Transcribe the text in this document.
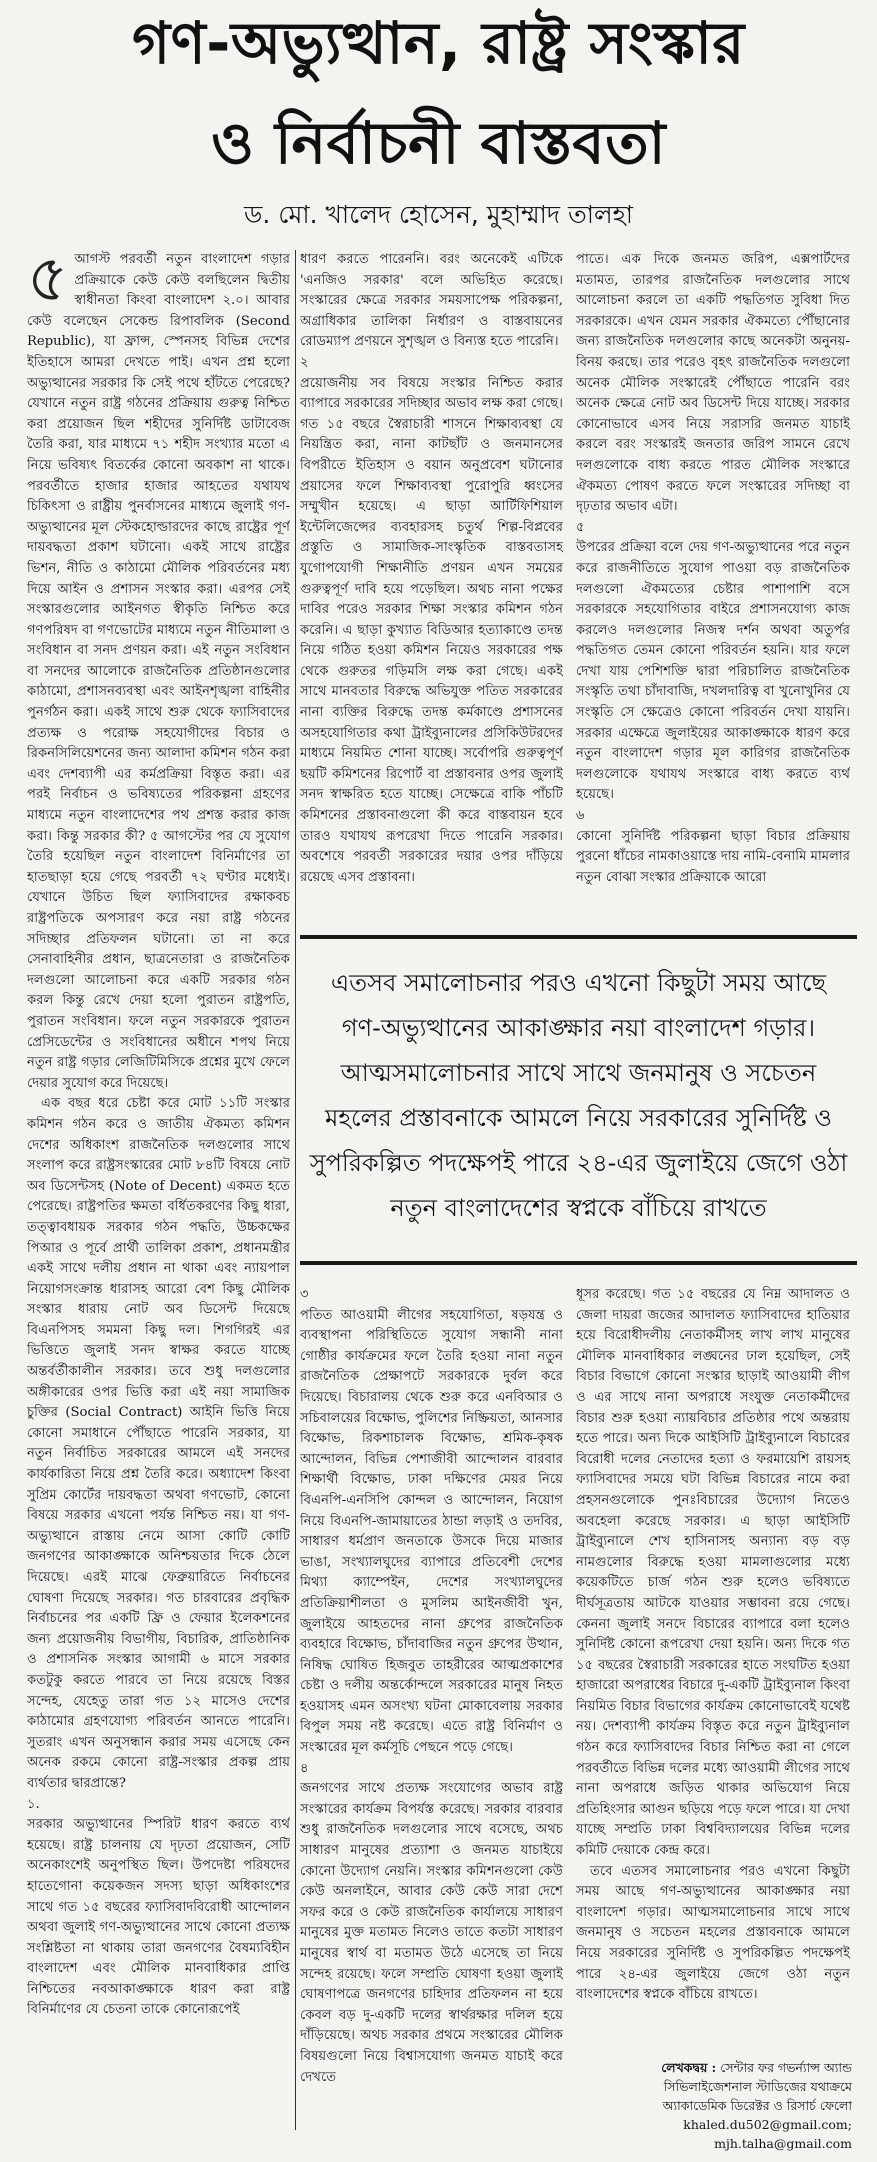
গণ-অভ্যুত্থান, রাষ্ট্র সংস্কার
ও নির্বাচনী বাস্তবতা
ড. মো. খালেদ হোসেন, মুহাম্মাদ তালহা
৫ আগস্ট পরবর্তী নতুন বাংলাদেশ গড়ার প্রক্রিয়াকে কেউ কেউ বলছিলেন দ্বিতীয় স্বাধীনতা কিংবা বাংলাদেশ ২.০। আবার কেউ বলেছেন সেকেন্ড রিপাবলিক (Second Republic), যা ফ্রান্স, স্পেনসহ বিভিন্ন দেশের ইতিহাসে আমরা দেখতে পাই। এখন প্রশ্ন হলো অভ্যুত্থানের সরকার কি সেই পথে হাঁটতে পেরেছে? যেখানে নতুন রাষ্ট্র গঠনের প্রক্রিয়ায় গুরুত্ব নিশ্চিত করা প্রয়োজন ছিল শহীদের সুনির্দিষ্ট ডাটাবেজ তৈরি করা, যার মাধ্যমে ৭১ শহীদ সংখ্যার মতো এ নিয়ে ভবিষ্যৎ বিতর্কের কোনো অবকাশ না থাকে। পরবর্তীতে হাজার হাজার আহতের যথাযথ চিকিৎসা ও রাষ্ট্রীয় পুনর্বাসনের মাধ্যমে জুলাই গণ-অভ্যুত্থানের মূল স্টেকহোল্ডারদের কাছে রাষ্ট্রের পূর্ণ দায়বদ্ধতা প্রকাশ ঘটানো। একই সাথে রাষ্ট্রের ভিশন, নীতি ও কাঠামো মৌলিক পরিবর্তনের মধ্য দিয়ে আইন ও প্রশাসন সংস্কার করা। এরপর সেই সংস্কারগুলোর আইনগত স্বীকৃতি নিশ্চিত করে গণপরিষদ বা গণভোটের মাধ্যমে নতুন নীতিমালা ও সংবিধান বা সনদ প্রণয়ন করা। এই নতুন সংবিধান বা সনদের আলোকে রাজনৈতিক প্রতিষ্ঠানগুলোর কাঠামো, প্রশাসনব্যবস্থা এবং আইনশৃঙ্খলা বাহিনীর পুনর্গঠন করা। একই সাথে শুরু থেকে ফ্যাসিবাদের প্রত্যক্ষ ও পরোক্ষ সহযোগীদের বিচার ও রিকনসিলিয়েশনের জন্য আলাদা কমিশন গঠন করা এবং দেশব্যাপী এর কর্মপ্রক্রিয়া বিস্তৃত করা। এর পরই নির্বাচন ও ভবিষ্যতের পরিকল্পনা গ্রহণের মাধ্যমে নতুন বাংলাদেশের পথ প্রশস্ত করার কাজ করা। কিন্তু সরকার কী? ৫ আগস্টের পর যে সুযোগ তৈরি হয়েছিল নতুন বাংলাদেশ বিনির্মাণের তা হাতছাড়া হয়ে গেছে পরবর্তী ৭২ ঘণ্টার মধ্যেই। যেখানে উচিত ছিল ফ্যাসিবাদের রক্ষাকবচ রাষ্ট্রপতিকে অপসারণ করে নয়া রাষ্ট্র গঠনের সদিচ্ছার প্রতিফলন ঘটানো। তা না করে সেনাবাহিনীর প্রধান, ছাত্রনেতারা ও রাজনৈতিক দলগুলো আলোচনা করে একটি সরকার গঠন করল কিন্তু রেখে দেয়া হলো পুরাতন রাষ্ট্রপতি, পুরাতন সংবিধান। ফলে নতুন সরকারকে পুরাতন প্রেসিডেন্টের ও সংবিধানের অধীনে শপথ নিয়ে নতুন রাষ্ট্র গড়ার লেজিটিমিসিকে প্রশ্নের মুখে ফেলে দেয়ার সুযোগ করে দিয়েছে।

এক বছর ধরে চেষ্টা করে মোট ১১টি সংস্কার কমিশন গঠন করে ও জাতীয় ঐকমত্য কমিশন দেশের অধিকাংশ রাজনৈতিক দলগুলোর সাথে সংলাপ করে রাষ্ট্রসংস্কারের মোট ৮৪টি বিষয়ে নোট অব ডিসেন্টসহ (Note of Decent) একমত হতে পেরেছে। রাষ্ট্রপতির ক্ষমতা বর্ধিতকরণের কিছু ধারা, তত্ত্বাবধায়ক সরকার গঠন পদ্ধতি, উচ্চকক্ষের পিআর ও পূর্বে প্রার্থী তালিকা প্রকাশ, প্রধানমন্ত্রীর একই সাথে দলীয় প্রধান না থাকা এবং ন্যায়পাল নিয়োগসংক্রান্ত ধারাসহ আরো বেশ কিছু মৌলিক সংস্কার ধারায় নোট অব ডিসেন্ট দিয়েছে বিএনপিসহ সমমনা কিছু দল। শিগগিরই এর ভিত্তিতে জুলাই সনদ স্বাক্ষর করতে যাচ্ছে অন্তর্বর্তীকালীন সরকার। তবে শুধু দলগুলোর অঙ্গীকারের ওপর ভিত্তি করা এই নয়া সামাজিক চুক্তির (Social Contract) আইনি ভিত্তি নিয়ে কোনো সমাধানে পৌঁছাতে পারেনি সরকার, যা নতুন নির্বাচিত সরকারের আমলে এই সনদের কার্যকারিতা নিয়ে প্রশ্ন তৈরি করে। অধ্যাদেশ কিংবা সুপ্রিম কোর্টের দায়বদ্ধতা অথবা গণভোট, কোনো বিষয়ে সরকার এখনো পর্যন্ত নিশ্চিত নয়। যা গণ-অভ্যুত্থানে রাস্তায় নেমে আসা কোটি কোটি জনগণের আকাঙ্ক্ষাকে অনিশ্চয়তার দিকে ঠেলে দিয়েছে। এরই মাঝে ফেব্রুয়ারিতে নির্বাচনের ঘোষণা দিয়েছে সরকার। গত চারবারের প্রবৃদ্ধিক নির্বাচনের পর একটি ফ্রি ও ফেয়ার ইলেকশনের জন্য প্রয়োজনীয় বিভাগীয়, বিচারিক, প্রাতিষ্ঠানিক ও প্রশাসনিক সংস্কার আগামী ৬ মাসে সরকার কতটুকু করতে পারবে তা নিয়ে রয়েছে বিস্তর সন্দেহ, যেহেতু তারা গত ১২ মাসেও দেশের কাঠামোর গ্রহণযোগ্য পরিবর্তন আনতে পারেনি। সুতরাং এখন অনুসন্ধান করার সময় এসেছে কেন অনেক রকমে কোনো রাষ্ট্র-সংস্কার প্রকল্প প্রায় ব্যর্থতার দ্বারপ্রান্তে?

১.

সরকার অভ্যুত্থানের স্পিরিট ধারণ করতে ব্যর্থ হয়েছে। রাষ্ট্র চালনায় যে দৃঢ়তা প্রয়োজন, সেটি অনেকাংশেই অনুপস্থিত ছিল। উপদেষ্টা পরিষদের হাতেগোনা কয়েকজন সদস্য ছাড়া অধিকাংশের সাথে গত ১৫ বছরের ফ্যাসিবাদবিরোধী আন্দোলন অথবা জুলাই গণ-অভ্যুত্থানের সাথে কোনো প্রত্যক্ষ সংশ্লিষ্টতা না থাকায় তারা জনগণের বৈষম্যবিহীন বাংলাদেশ এবং মৌলিক মানবাধিকার প্রাপ্তি নিশ্চিতের নবআকাঙ্ক্ষাকে ধারণ করা রাষ্ট্র বিনির্মাণের যে চেতনা তাকে কোনোরূপেই

ধারণ করতে পারেননি। বরং অনেকেই এটিকে 'এনজিও সরকার' বলে অভিহিত করেছে। সংস্কারের ক্ষেত্রে সরকার সময়সাপেক্ষ পরিকল্পনা, অগ্রাধিকার তালিকা নির্ধারণ ও বাস্তবায়নের রোডম্যাপ প্রণয়নে সুশৃঙ্খল ও বিন্যস্ত হতে পারেনি।

২

প্রয়োজনীয় সব বিষয়ে সংস্কার নিশ্চিত করার ব্যাপারে সরকারের সদিচ্ছার অভাব লক্ষ করা গেছে। গত ১৫ বছরে স্বৈরাচারী শাসনে শিক্ষাব্যবস্থা যে নিয়ন্ত্রিত করা, নানা কাটছাঁট ও জনমানসের বিপরীতে ইতিহাস ও বয়ান অনুপ্রবেশ ঘটানোর প্রয়াসের ফলে শিক্ষাব্যবস্থা পুরোপুরি ধ্বংসের সম্মুখীন হয়েছে। এ ছাড়া আর্টিফিশিয়াল ইন্টেলিজেন্সের ব্যবহারসহ চতুর্থ শিল্প-বিপ্লবের প্রস্তুতি ও সামাজিক-সাংস্কৃতিক বাস্তবতাসহ যুগোপযোগী শিক্ষানীতি প্রণয়ন এখন সময়ের গুরুত্বপূর্ণ দাবি হয়ে পড়েছিল। অথচ নানা পক্ষের দাবির পরেও সরকার শিক্ষা সংস্কার কমিশন গঠন করেনি। এ ছাড়া কুখ্যাত বিডিআর হত্যাকাণ্ডে তদন্ত নিয়ে গঠিত হওয়া কমিশন নিয়েও সরকারের পক্ষ থেকে গুরুতর গড়িমসি লক্ষ করা গেছে। একই সাথে মানবতার বিরুদ্ধে অভিযুক্ত পতিত সরকারের নানা ব্যক্তির বিরুদ্ধে তদন্ত কর্মকাণ্ডে প্রশাসনের অসহযোগিতার কথা ট্রাইব্যুনালের প্রসিকিউটরদের মাধ্যমে নিয়মিত শোনা যাচ্ছে। সর্বোপরি গুরুত্বপূর্ণ ছয়টি কমিশনের রিপোর্ট বা প্রস্তাবনার ওপর জুলাই সনদ স্বাক্ষরিত হতে যাচ্ছে। সেক্ষেত্রে বাকি পাঁচটি কমিশনের প্রস্তাবনাগুলো কী করে বাস্তবায়ন হবে তারও যথাযথ রূপরেখা দিতে পারেনি সরকার। অবশেষে পরবর্তী সরকারের দয়ার ওপর দাঁড়িয়ে রয়েছে এসব প্রস্তাবনা।

পাতে। এক দিকে জনমত জরিপ, এক্সপার্টদের মতামত, তারপর রাজনৈতিক দলগুলোর সাথে আলোচনা করলে তা একটি পদ্ধতিগত সুবিধা দিত সরকারকে। এখন যেমন সরকার ঐকমত্যে পৌঁছানোর জন্য রাজনৈতিক দলগুলোর কাছে অনেকটা অনুনয়-বিনয় করছে। তার পরেও বৃহৎ রাজনৈতিক দলগুলো অনেক মৌলিক সংস্কারেই পৌঁছাতে পারেনি বরং অনেক ক্ষেত্রে নোট অব ডিসেন্ট দিয়ে যাচ্ছে। সরকার কোনোভাবে এসব নিয়ে সরাসরি জনমত যাচাই করলে বরং সংস্কারই জনতার জরিপ সামনে রেখে দলগুলোকে বাধ্য করতে পারত মৌলিক সংস্কারে ঐকমত্য পোষণ করতে ফলে সংস্কারের সদিচ্ছা বা দৃঢ়তার অভাব এটা।

৫

উপরের প্রক্রিয়া বলে দেয় গণ-অভ্যুত্থানের পরে নতুন করে রাজনীতিতে সুযোগ পাওয়া বড় রাজনৈতিক দলগুলো ঐকমত্যের চেষ্টার পাশাপাশি বসে সরকারকে সহযোগিতার বাইরে প্রশাসনযোগ্য কাজ করলেও দলগুলোর নিজস্ব দর্শন অথবা অতুর্পর পদ্ধতিগত তেমন কোনো পরিবর্তন হয়নি। যার ফলে দেখা যায় পেশিশক্তি দ্বারা পরিচালিত রাজনৈতিক সংস্কৃতি তথা চাঁদাবাজি, দখলদারিত্ব বা খুনোখুনির যে সংস্কৃতি সে ক্ষেত্রেও কোনো পরিবর্তন দেখা যায়নি। সরকার এক্ষেত্রে জুলাইয়ের আকাঙ্ক্ষাকে ধারণ করে নতুন বাংলাদেশ গড়ার মূল কারিগর রাজনৈতিক দলগুলোকে যথাযথ সংস্কারে বাধ্য করতে ব্যর্থ হয়েছে।

৬

কোনো সুনির্দিষ্ট পরিকল্পনা ছাড়া বিচার প্রক্রিয়ায় পুরনো ধাঁচের নামকাওয়াস্তে দায় নামি-বেনামি মামলার নতুন বোঝা সংস্কার প্রক্রিয়াকে আরো

এতসব সমালোচনার পরও এখনো কিছুটা সময় আছে গণ-অভ্যুত্থানের আকাঙ্ক্ষার নয়া বাংলাদেশ গড়ার। আত্মসমালোচনার সাথে সাথে জনমানুষ ও সচেতন মহলের প্রস্তাবনাকে আমলে নিয়ে সরকারের সুনির্দিষ্ট ও সুপরিকল্পিত পদক্ষেপই পারে ২৪-এর জুলাইয়ে জেগে ওঠা নতুন বাংলাদেশের স্বপ্নকে বাঁচিয়ে রাখতে
৩

পতিত আওয়ামী লীগের সহযোগিতা, ষড়যন্ত্র ও ব্যবস্থাপনা পরিস্থিতিতে সুযোগ সন্ধানী নানা গোষ্ঠীর কার্যক্রমের ফলে তৈরি হওয়া নানা নতুন রাজনৈতিক প্রেক্ষাপটে সরকারকে দুর্বল করে দিয়েছে। বিচারালয় থেকে শুরু করে এনবিআর ও সচিবালয়ের বিক্ষোভ, পুলিশের নিষ্ক্রিয়তা, আনসার বিক্ষোভ, রিকশাচালক বিক্ষোভ, শ্রমিক-কৃষক আন্দোলন, বিভিন্ন পেশাজীবী আন্দোলন বারবার শিক্ষার্থী বিক্ষোভ, ঢাকা দক্ষিণের মেয়র নিয়ে বিএনপি-এনসিপি কোন্দল ও আন্দোলন, নিয়োগ নিয়ে বিএনপি-জামায়াতের ঠান্ডা লড়াই ও তদবির, সাধারণ ধর্মপ্রাণ জনতাকে উসকে দিয়ে মাজার ভাঙা, সংখ্যালঘুদের ব্যাপারে প্রতিবেশী দেশের মিথ্যা ক্যাম্পেইন, দেশের সংখ্যালঘুদের প্রতিক্রিয়াশীলতা ও মুসলিম আইনজীবী খুন, জুলাইয়ে আহতদের নানা গ্রুপের রাজনৈতিক ব্যবহারে বিক্ষোভ, চাঁদাবাজির নতুন গ্রুপের উত্থান, নিষিদ্ধ ঘোষিত হিজবুত তাহরীরের আত্মপ্রকাশের চেষ্টা ও দলীয় অন্তর্কোন্দলে সরকারের মানুষ নিহত হওয়াসহ এমন অসংখ্য ঘটনা মোকাবেলায় সরকার বিপুল সময় নষ্ট করেছে। এতে রাষ্ট্র বিনির্মাণ ও সংস্কারের মূল কর্মসূচি পেছনে পড়ে গেছে।

৪

জনগণের সাথে প্রত্যক্ষ সংযোগের অভাব রাষ্ট্র সংস্কারের কার্যক্রম বিপর্যস্ত করেছে। সরকার বারবার শুধু রাজনৈতিক দলগুলোর সাথে বসেছে, অথচ সাধারণ মানুষের প্রত্যাশা ও জনমত যাচাইয়ে কোনো উদ্যোগ নেয়নি। সংস্কার কমিশনগুলো কেউ কেউ অনলাইনে, আবার কেউ কেউ সারা দেশে সফর করে ও কেউ রাজনৈতিক কার্যালয়ে সাধারণ মানুষের মুক্ত মতামত নিলেও তাতে কতটা সাধারণ মানুষের স্বার্থ বা মতামত উঠে এসেছে তা নিয়ে সন্দেহ রয়েছে। ফলে সম্প্রতি ঘোষণা হওয়া জুলাই ঘোষণাপত্রে জনগণের চাহিদার প্রতিফলন না হয়ে কেবল বড় দু-একটি দলের স্বার্থরক্ষার দলিল হয়ে দাঁড়িয়েছে। অথচ সরকার প্রথমে সংস্কারের মৌলিক বিষয়গুলো নিয়ে বিশ্বাসযোগ্য জনমত যাচাই করে দেখতে

ধূসর করেছে। গত ১৫ বছরের যে নিম্ন আদালত ও জেলা দায়রা জজের আদালত ফ্যাসিবাদের হাতিয়ার হয়ে বিরোধীদলীয় নেতাকর্মীসহ লাখ লাখ মানুষের মৌলিক মানবাধিকার লঙ্ঘনের ঢাল হয়েছিল, সেই বিচার বিভাগে কোনো সংস্কার ছাড়াই আওয়ামী লীগ ও এর সাথে নানা অপরাধে সংযুক্ত নেতাকর্মীদের বিচার শুরু হওয়া ন্যায়বিচার প্রতিষ্ঠার পথে অন্তরায় হতে পারে। অন্য দিকে আইসিটি ট্রাইব্যুনালে বিচারের বিরোধী দলের নেতাদের হত্যা ও ফরমায়েশি রায়সহ ফ্যাসিবাদের সময়ে ঘটা বিভিন্ন বিচারের নামে করা প্রহসনগুলোকে পুনঃবিচারের উদ্যোগ নিতেও অবহেলা করেছে সরকার। এ ছাড়া আইসিটি ট্রাইব্যুনালে শেখ হাসিনাসহ অন্যান্য বড় বড় নামগুলোর বিরুদ্ধে হওয়া মামলাগুলোর মধ্যে কয়েকটিতে চার্জ গঠন শুরু হলেও ভবিষ্যতে দীর্ঘসূত্রতায় আটকে যাওয়ার সম্ভাবনা রয়ে গেছে। কেননা জুলাই সনদে বিচারের ব্যাপারে বলা হলেও সুনির্দিষ্ট কোনো রূপরেখা দেয়া হয়নি। অন্য দিকে গত ১৫ বছরের স্বৈরাচারী সরকারের হাতে সংঘটিত হওয়া হাজারো অপরাধের বিচারে দু-একটি ট্রাইব্যুনাল কিংবা নিয়মিত বিচার বিভাগের কার্যক্রম কোনোভাবেই যথেষ্ট নয়। দেশব্যাপী কার্যক্রম বিস্তৃত করে নতুন ট্রাইব্যুনাল গঠন করে ফ্যাসিবাদের বিচার নিশ্চিত করা না গেলে পরবর্তীতে বিভিন্ন দলের মধ্যে আওয়ামী লীগের সাথে নানা অপরাধে জড়িত থাকার অভিযোগ নিয়ে প্রতিহিংসার আগুন ছড়িয়ে পড়ে ফলে পারে। যা দেখা যাচ্ছে সম্প্রতি ঢাকা বিশ্ববিদ্যালয়ের বিভিন্ন দলের কমিটি দেয়াকে কেন্দ্র করে।

তবে এতসব সমালোচনার পরও এখনো কিছুটা সময় আছে গণ-অভ্যুত্থানের আকাঙ্ক্ষার নয়া বাংলাদেশ গড়ার। আত্মসমালোচনার সাথে সাথে জনমানুষ ও সচেতন মহলের প্রস্তাবনাকে আমলে নিয়ে সরকারের সুনির্দিষ্ট ও সুপরিকল্পিত পদক্ষেপই পারে ২৪-এর জুলাইয়ে জেগে ওঠা নতুন বাংলাদেশের স্বপ্নকে বাঁচিয়ে রাখতে।

লেখকদ্বয় : সেন্টার ফর গভর্ন্যান্স অ্যান্ড
সিভিলাইজেশনাল স্টাডিজের যথাক্রমে
অ্যাকাডেমিক ডিরেক্টর ও রিসার্চ ফেলো
khaled.du502@gmail.com;
mjh.talha@gmail.com
